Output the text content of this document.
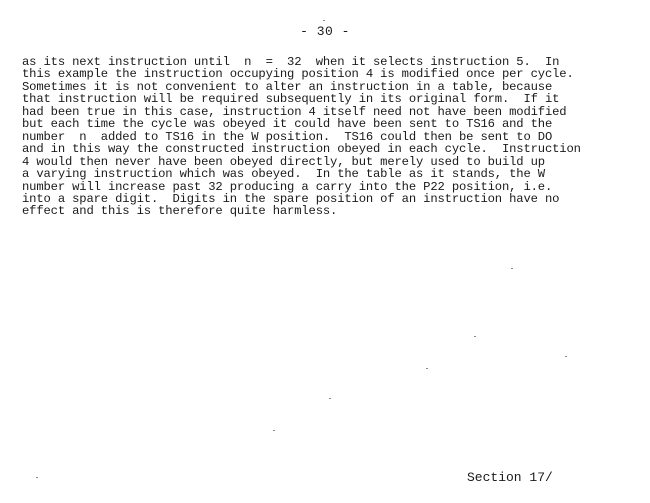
- 30 -
as its next instruction until  n  =  32  when it selects instruction 5.  In
this example the instruction occupying position 4 is modified once per cycle.
Sometimes it is not convenient to alter an instruction in a table, because
that instruction will be required subsequently in its original form.  If it
had been true in this case, instruction 4 itself need not have been modified
but each time the cycle was obeyed it could have been sent to TS16 and the
number  n  added to TS16 in the W position.  TS16 could then be sent to DO
and in this way the constructed instruction obeyed in each cycle.  Instruction
4 would then never have been obeyed directly, but merely used to build up
a varying instruction which was obeyed.  In the table as it stands, the W
number will increase past 32 producing a carry into the P22 position, i.e.
into a spare digit.  Digits in the spare position of an instruction have no
effect and this is therefore quite harmless.
Section 17/
